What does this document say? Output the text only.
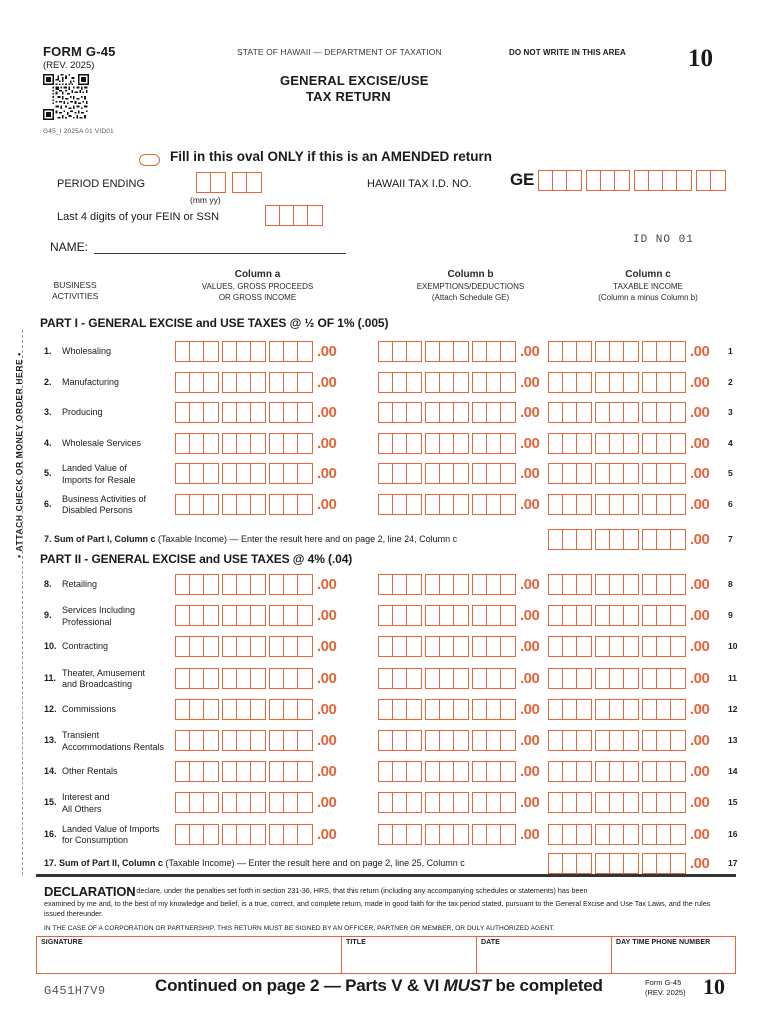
FORM G-45
(REV. 2025)
G45_I 2025A 01 VID01
STATE OF HAWAII — DEPARTMENT OF TAXATION
GENERAL EXCISE/USE
TAX RETURN
DO NOT WRITE IN THIS AREA 10
Fill in this oval ONLY if this is an AMENDED return
PERIOD ENDING
(mm yy)
Last 4 digits of your FEIN or SSN
HAWAII TAX I.D. NO. GE
ID NO 01
NAME:
BUSINESS
ACTIVITIES
Column a
VALUES, GROSS PROCEEDS
OR GROSS INCOME
Column b
EXEMPTIONS/DEDUCTIONS
(Attach Schedule GE)
Column c
TAXABLE INCOME
(Column a minus Column b)
• ATTACH CHECK OR MONEY ORDER HERE •
PART I - GENERAL EXCISE and USE TAXES @ ½ OF 1% (.005)
1. Wholesaling	.00	.00	.00 1
2. Manufacturing	.00	.00	.00 2
3. Producing	.00	.00	.00 3
4. Wholesale Services	.00	.00	.00 4
5. Landed Value of
Imports for Resale	.00	.00	.00 5
6. Business Activities of
Disabled Persons	.00	.00	.00 6
7. Sum of Part I, Column c (Taxable Income) — Enter the result here and on page 2, line 24, Column c	.00 7
PART II - GENERAL EXCISE and USE TAXES @ 4% (.04)
8. Retailing	.00	.00	.00 8
9. Services Including
Professional	.00	.00	.00 9
10. Contracting	.00	.00	.00 10
11. Theater, Amusement
and Broadcasting	.00	.00	.00 11
12. Commissions	.00	.00	.00 12
13. Transient
Accommodations Rentals	.00	.00	.00 13
14. Other Rentals	.00	.00	.00 14
15. Interest and
All Others	.00	.00	.00 15
16. Landed Value of Imports
for Consumption	.00	.00	.00 16
17. Sum of Part II, Column c (Taxable Income) — Enter the result here and on page 2, line 25, Column c	.00 17
DECLARATION
- I declare, under the penalties set forth in section 231-36, HRS, that this return (including any accompanying schedules or statements) has been
examined by me and, to the best of my knowledge and belief, is a true, correct, and complete return, made in good faith for the tax period stated, pursuant to the General Excise and Use Tax Laws, and the rules issued thereunder.
IN THE CASE OF A CORPORATION OR PARTNERSHIP, THIS RETURN MUST BE SIGNED BY AN OFFICER, PARTNER OR MEMBER, OR DULY AUTHORIZED AGENT.
SIGNATURE	TITLE	DATE	DAY TIME PHONE NUMBER
G451H7V9	Continued on page 2 — Parts V & VI MUST be completed	Form G-45
(REV. 2025) 10
